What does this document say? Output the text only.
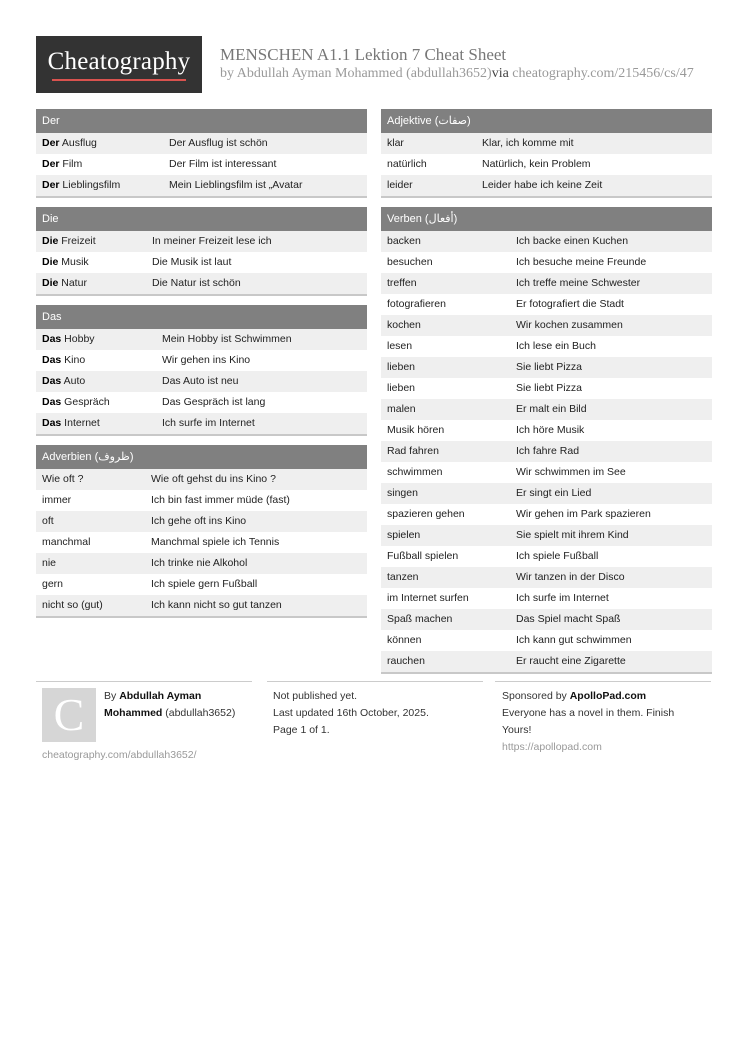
Cheatography	MENSCHEN A1.1 Lektion 7 Cheat Sheet
by Abdullah Ayman Mohammed (abdullah3652)via cheatography.com/215456/cs/47
Der
Der Ausflug	Der Ausflug ist schön
Der Film	Der Film ist interessant
Der Lieblingsfilm	Mein Lieblingsfilm ist „Avatar
Die
Die Freizeit	In meiner Freizeit lese ich
Die Musik	Die Musik ist laut
Die Natur	Die Natur ist schön
Das
Das Hobby	Mein Hobby ist Schwimmen
Das Kino	Wir gehen ins Kino
Das Auto	Das Auto ist neu
Das Gespräch	Das Gespräch ist lang
Das Internet	Ich surfe im Internet
Adverbien (ظروف)
Wie oft ?	Wie oft gehst du ins Kino ?
immer	Ich bin fast immer müde (fast)
oft	Ich gehe oft ins Kino
manchmal	Manchmal spiele ich Tennis
nie	Ich trinke nie Alkohol
gern	Ich spiele gern Fußball
nicht so (gut)	Ich kann nicht so gut tanzen
Adjektive (صفات)
klar	Klar, ich komme mit
natürlich	Natürlich, kein Problem
leider	Leider habe ich keine Zeit
Verben (أفعال)
backen	Ich backe einen Kuchen
besuchen	Ich besuche meine Freunde
treffen	Ich treffe meine Schwester
fotografieren	Er fotografiert die Stadt
kochen	Wir kochen zusammen
lesen	Ich lese ein Buch
lieben	Sie liebt Pizza
lieben	Sie liebt Pizza
malen	Er malt ein Bild
Musik hören	Ich höre Musik
Rad fahren	Ich fahre Rad
schwimmen	Wir schwimmen im See
singen	Er singt ein Lied
spazieren gehen	Wir gehen im Park spazieren
spielen	Sie spielt mit ihrem Kind
Fußball spielen	Ich spiele Fußball
tanzen	Wir tanzen in der Disco
im Internet surfen	Ich surfe im Internet
Spaß machen	Das Spiel macht Spaß
können	Ich kann gut schwimmen
rauchen	Er raucht eine Zigarette
C	By Abdullah Ayman
Mohammed (abdullah3652)
cheatography.com/abdullah3652/
Not published yet.
Last updated 16th October, 2025.
Page 1 of 1.
Sponsored by ApolloPad.com
Everyone has a novel in them. Finish
Yours!
https://apollopad.com
